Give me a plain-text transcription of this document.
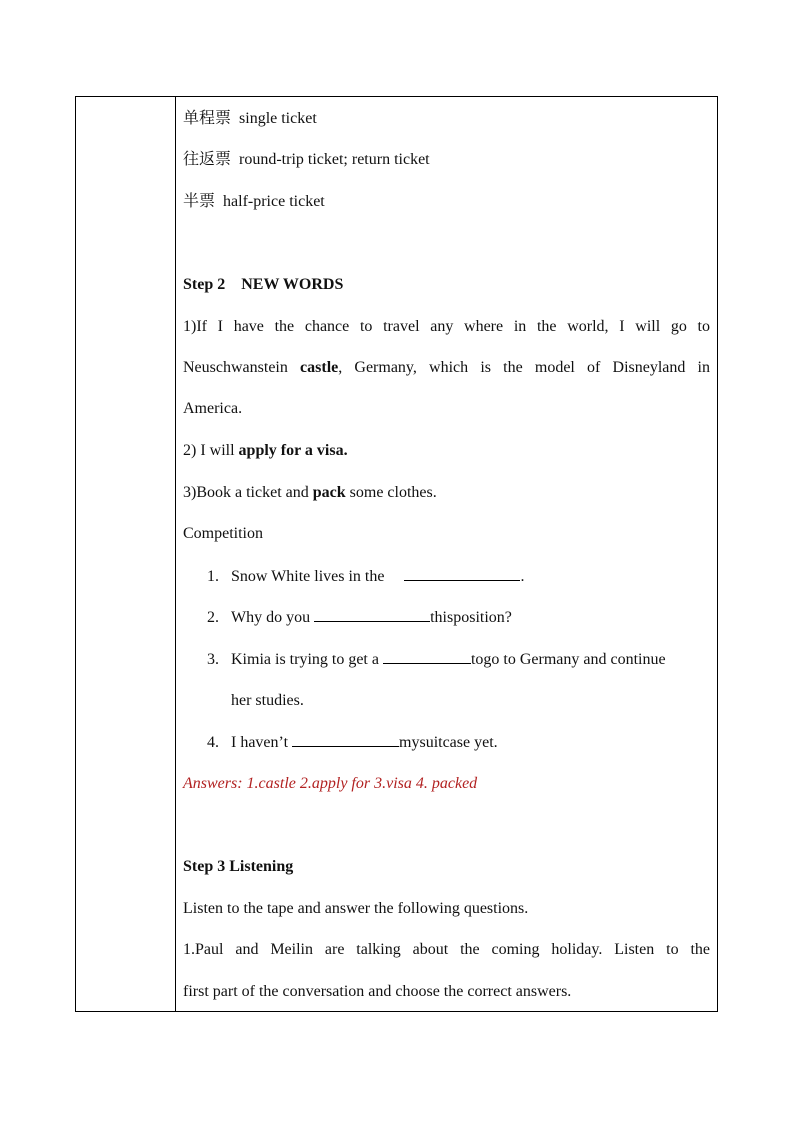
单程票 single ticket
往返票 round-trip ticket; return ticket
半票 half-price ticket
Step 2 NEW WORDS
1)If I have the chance to travel any where in the world, I will go to
Neuschwanstein castle, Germany, which is the model of Disneyland in
America.
2) I will apply for a visa.
3)Book a ticket and pack some clothes.
Competition
1. Snow White lives in the	.
2. Why do you	thisposition?
3. Kimia is trying to get a	togo to Germany and continue
her studies.
4. I haven’t	mysuitcase yet.
Answers: 1.castle 2.apply for 3.visa 4. packed
Step 3 Listening
Listen to the tape and answer the following questions.
1.Paul and Meilin are talking about the coming holiday. Listen to the
first part of the conversation and choose the correct answers.
